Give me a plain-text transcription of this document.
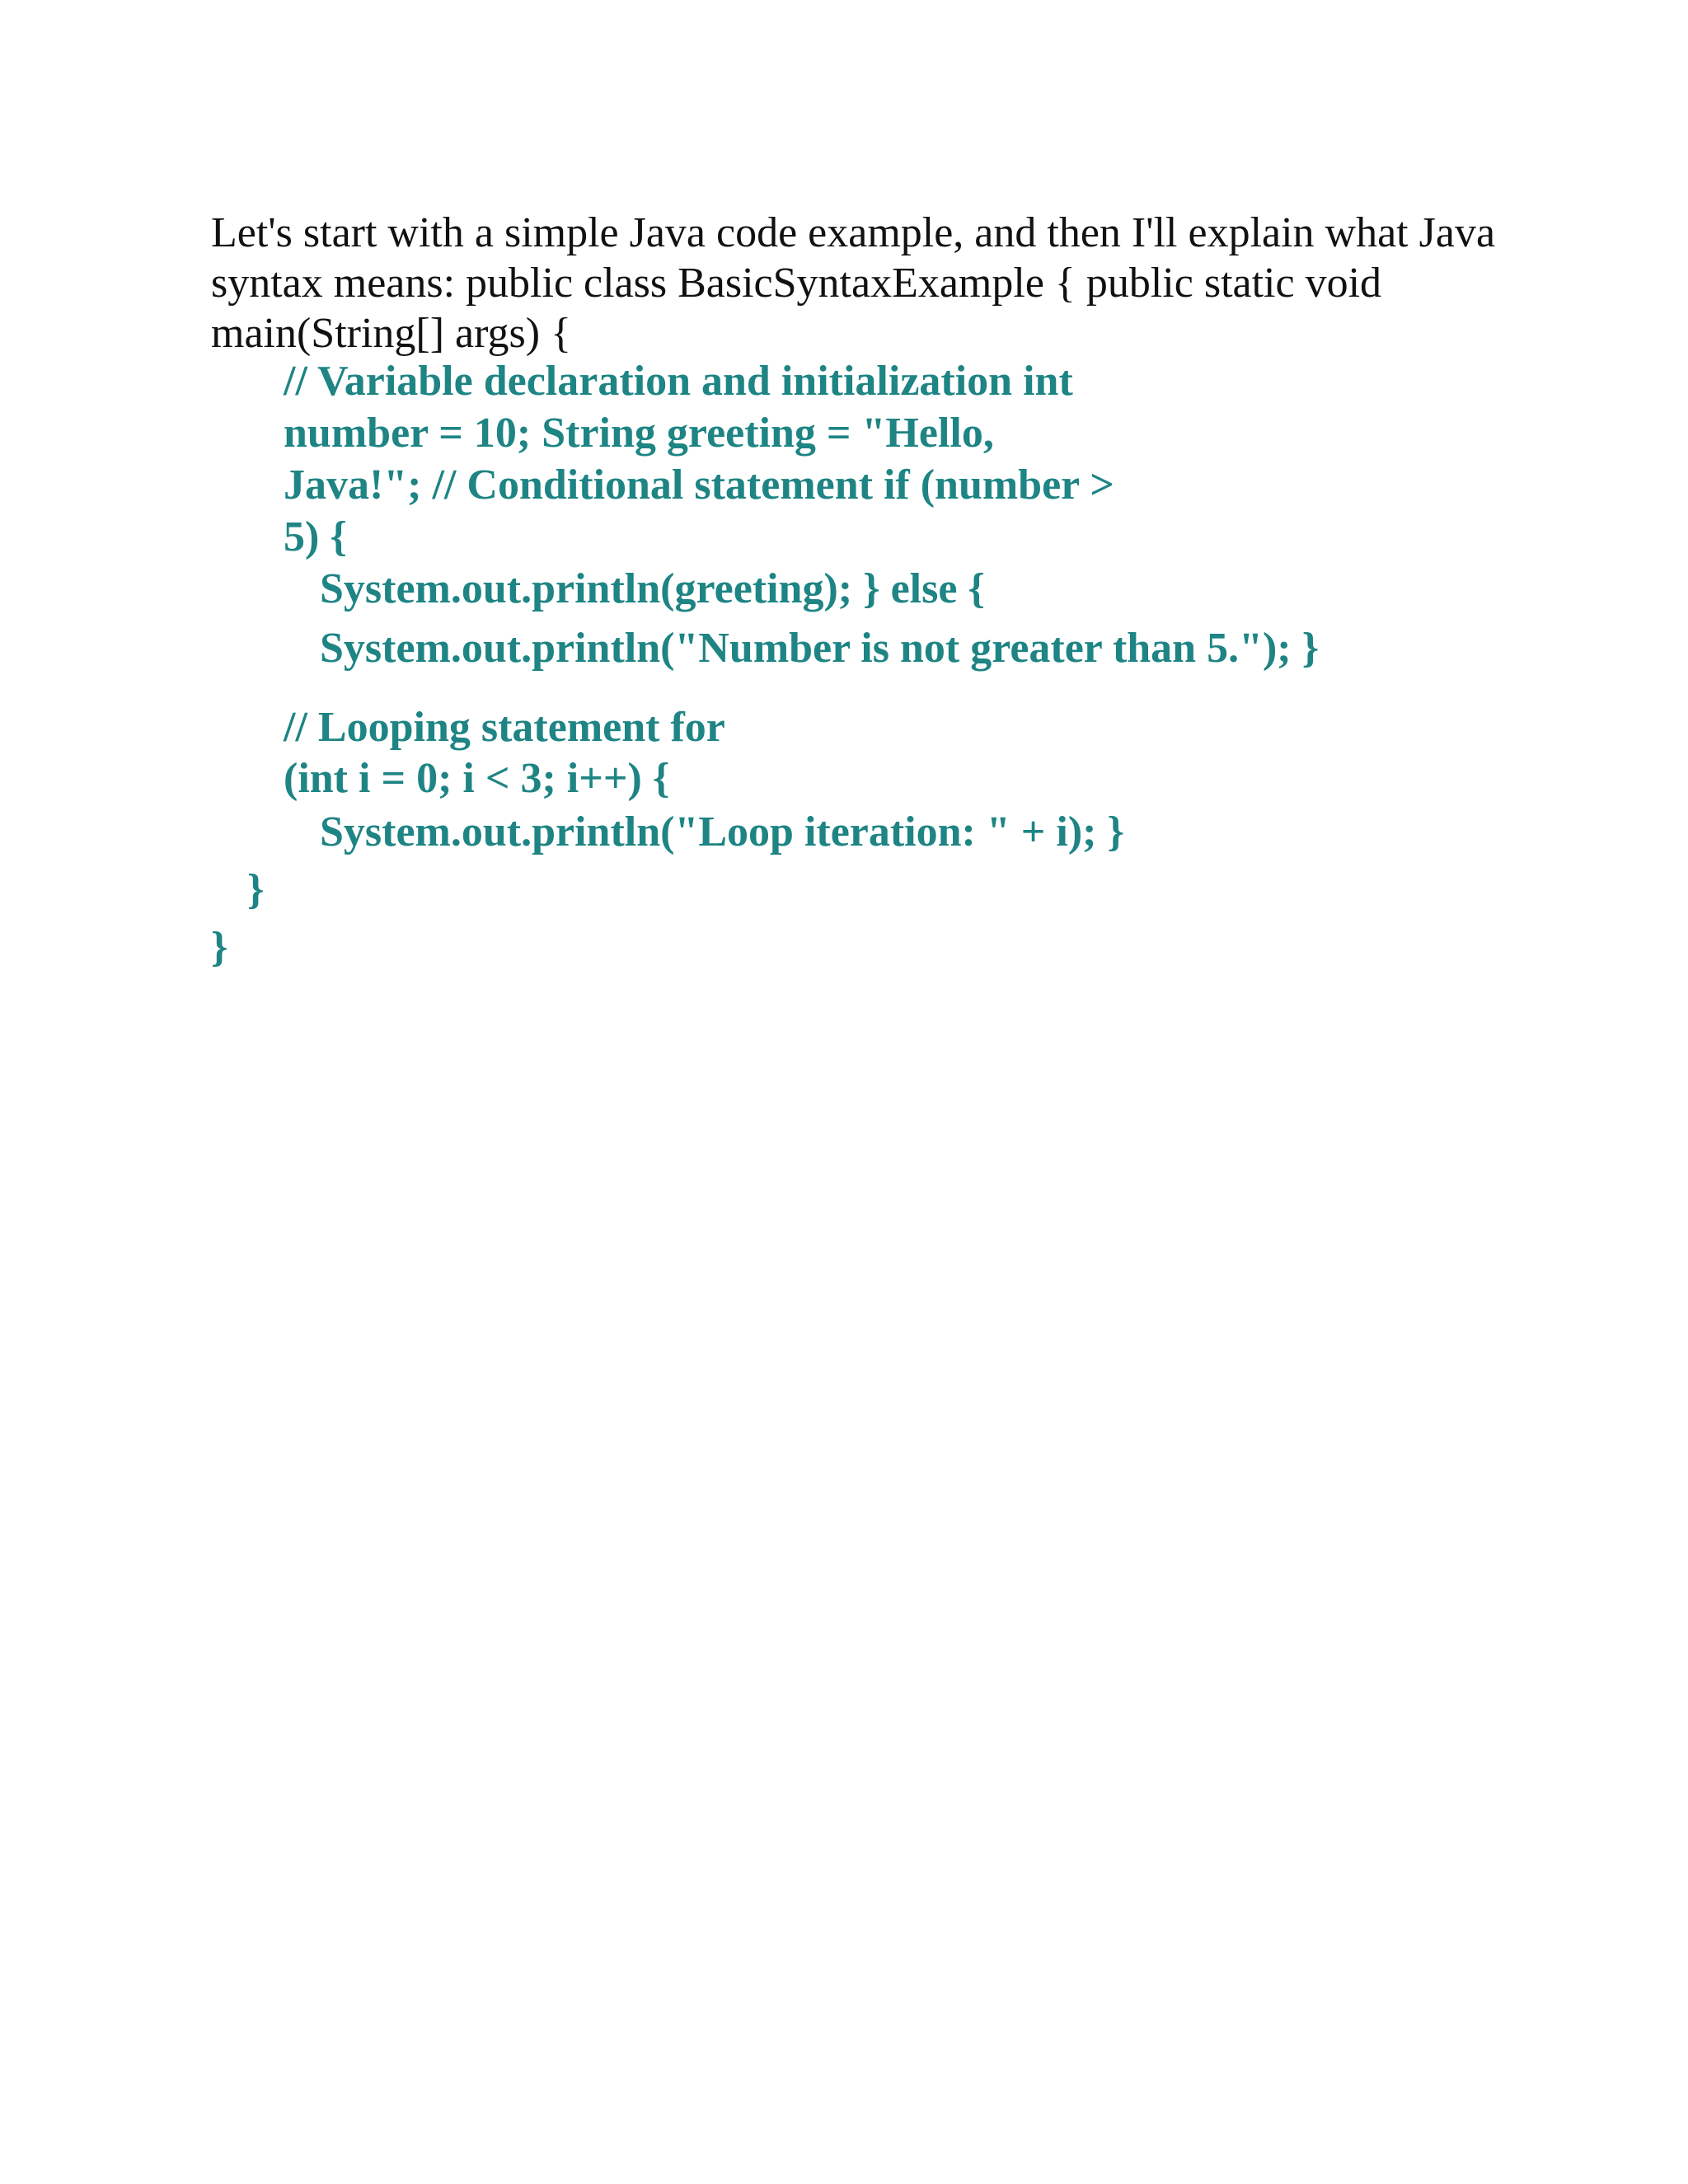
Let's start with a simple Java code example, and then I'll explain what Java
syntax means: public class BasicSyntaxExample { public static void
main(String[] args) {
// Variable declaration and initialization int
number = 10; String greeting = "Hello,
Java!"; // Conditional statement if (number >
5) {
System.out.println(greeting); } else {
System.out.println("Number is not greater than 5."); }
// Looping statement for
(int i = 0; i < 3; i++) {
System.out.println("Loop iteration: " + i); }
}
}
